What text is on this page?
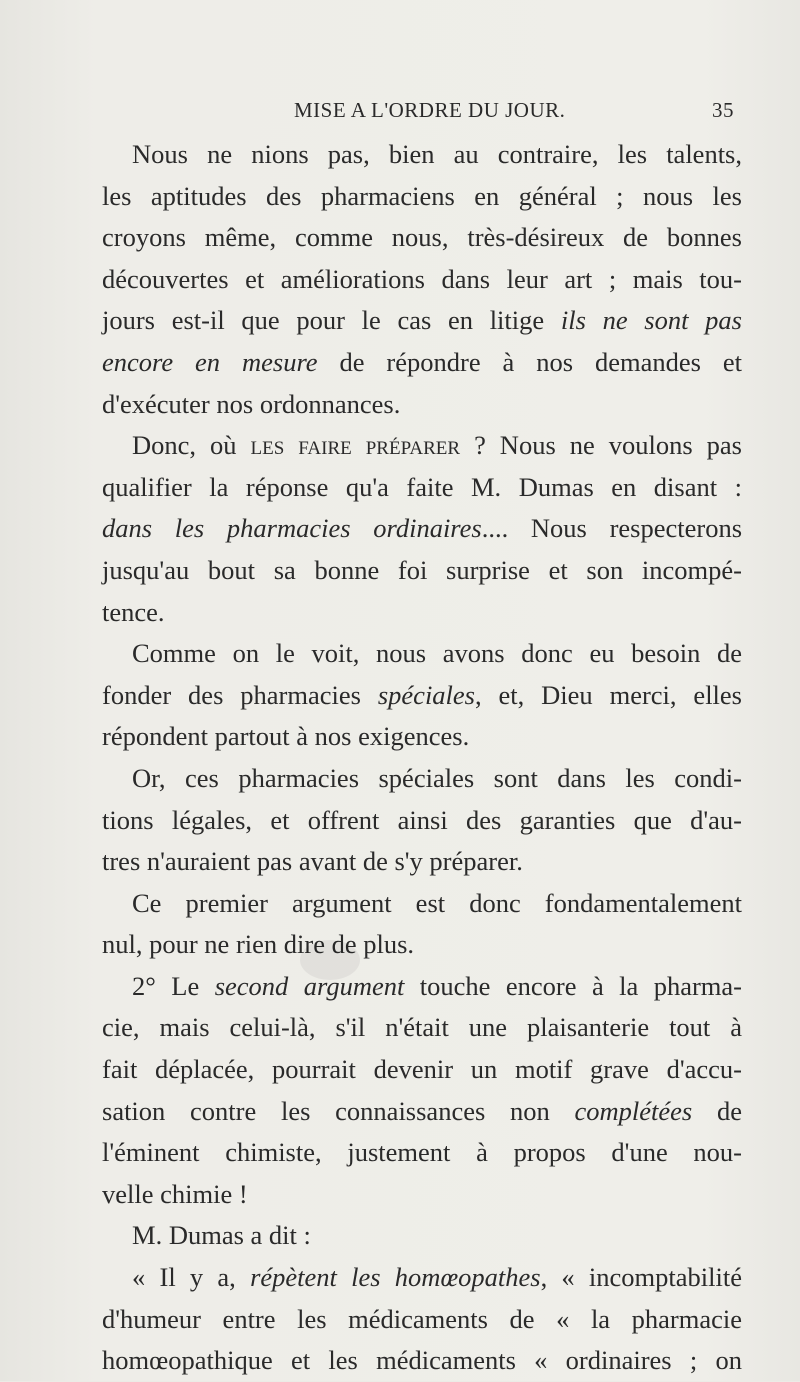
MISE A L'ORDRE DU JOUR.	35
Nous ne nions pas, bien au contraire, les talents,
les aptitudes des pharmaciens en général ; nous les
croyons même, comme nous, très-désireux de bonnes
découvertes et améliorations dans leur art ; mais tou-
jours est-il que pour le cas en litige ils ne sont pas
encore en mesure de répondre à nos demandes et
d'exécuter nos ordonnances.
Donc, où les faire préparer ? Nous ne voulons pas
qualifier la réponse qu'a faite M. Dumas en disant :
dans les pharmacies ordinaires.... Nous respecterons
jusqu'au bout sa bonne foi surprise et son incompé-
tence.
Comme on le voit, nous avons donc eu besoin de
fonder des pharmacies spéciales, et, Dieu merci, elles
répondent partout à nos exigences.
Or, ces pharmacies spéciales sont dans les condi-
tions légales, et offrent ainsi des garanties que d'au-
tres n'auraient pas avant de s'y préparer.
Ce premier argument est donc fondamentalement
nul, pour ne rien dire de plus.
2° Le second argument touche encore à la pharma-
cie, mais celui-là, s'il n'était une plaisanterie tout à
fait déplacée, pourrait devenir un motif grave d'accu-
sation contre les connaissances non complétées de
l'éminent chimiste, justement à propos d'une nou-
velle chimie !
M. Dumas a dit :
« Il y a, répètent les homœopathes, « incomptabilité
d'humeur entre les médicaments de « la pharmacie
homœopathique et les médicaments « ordinaires ; on
